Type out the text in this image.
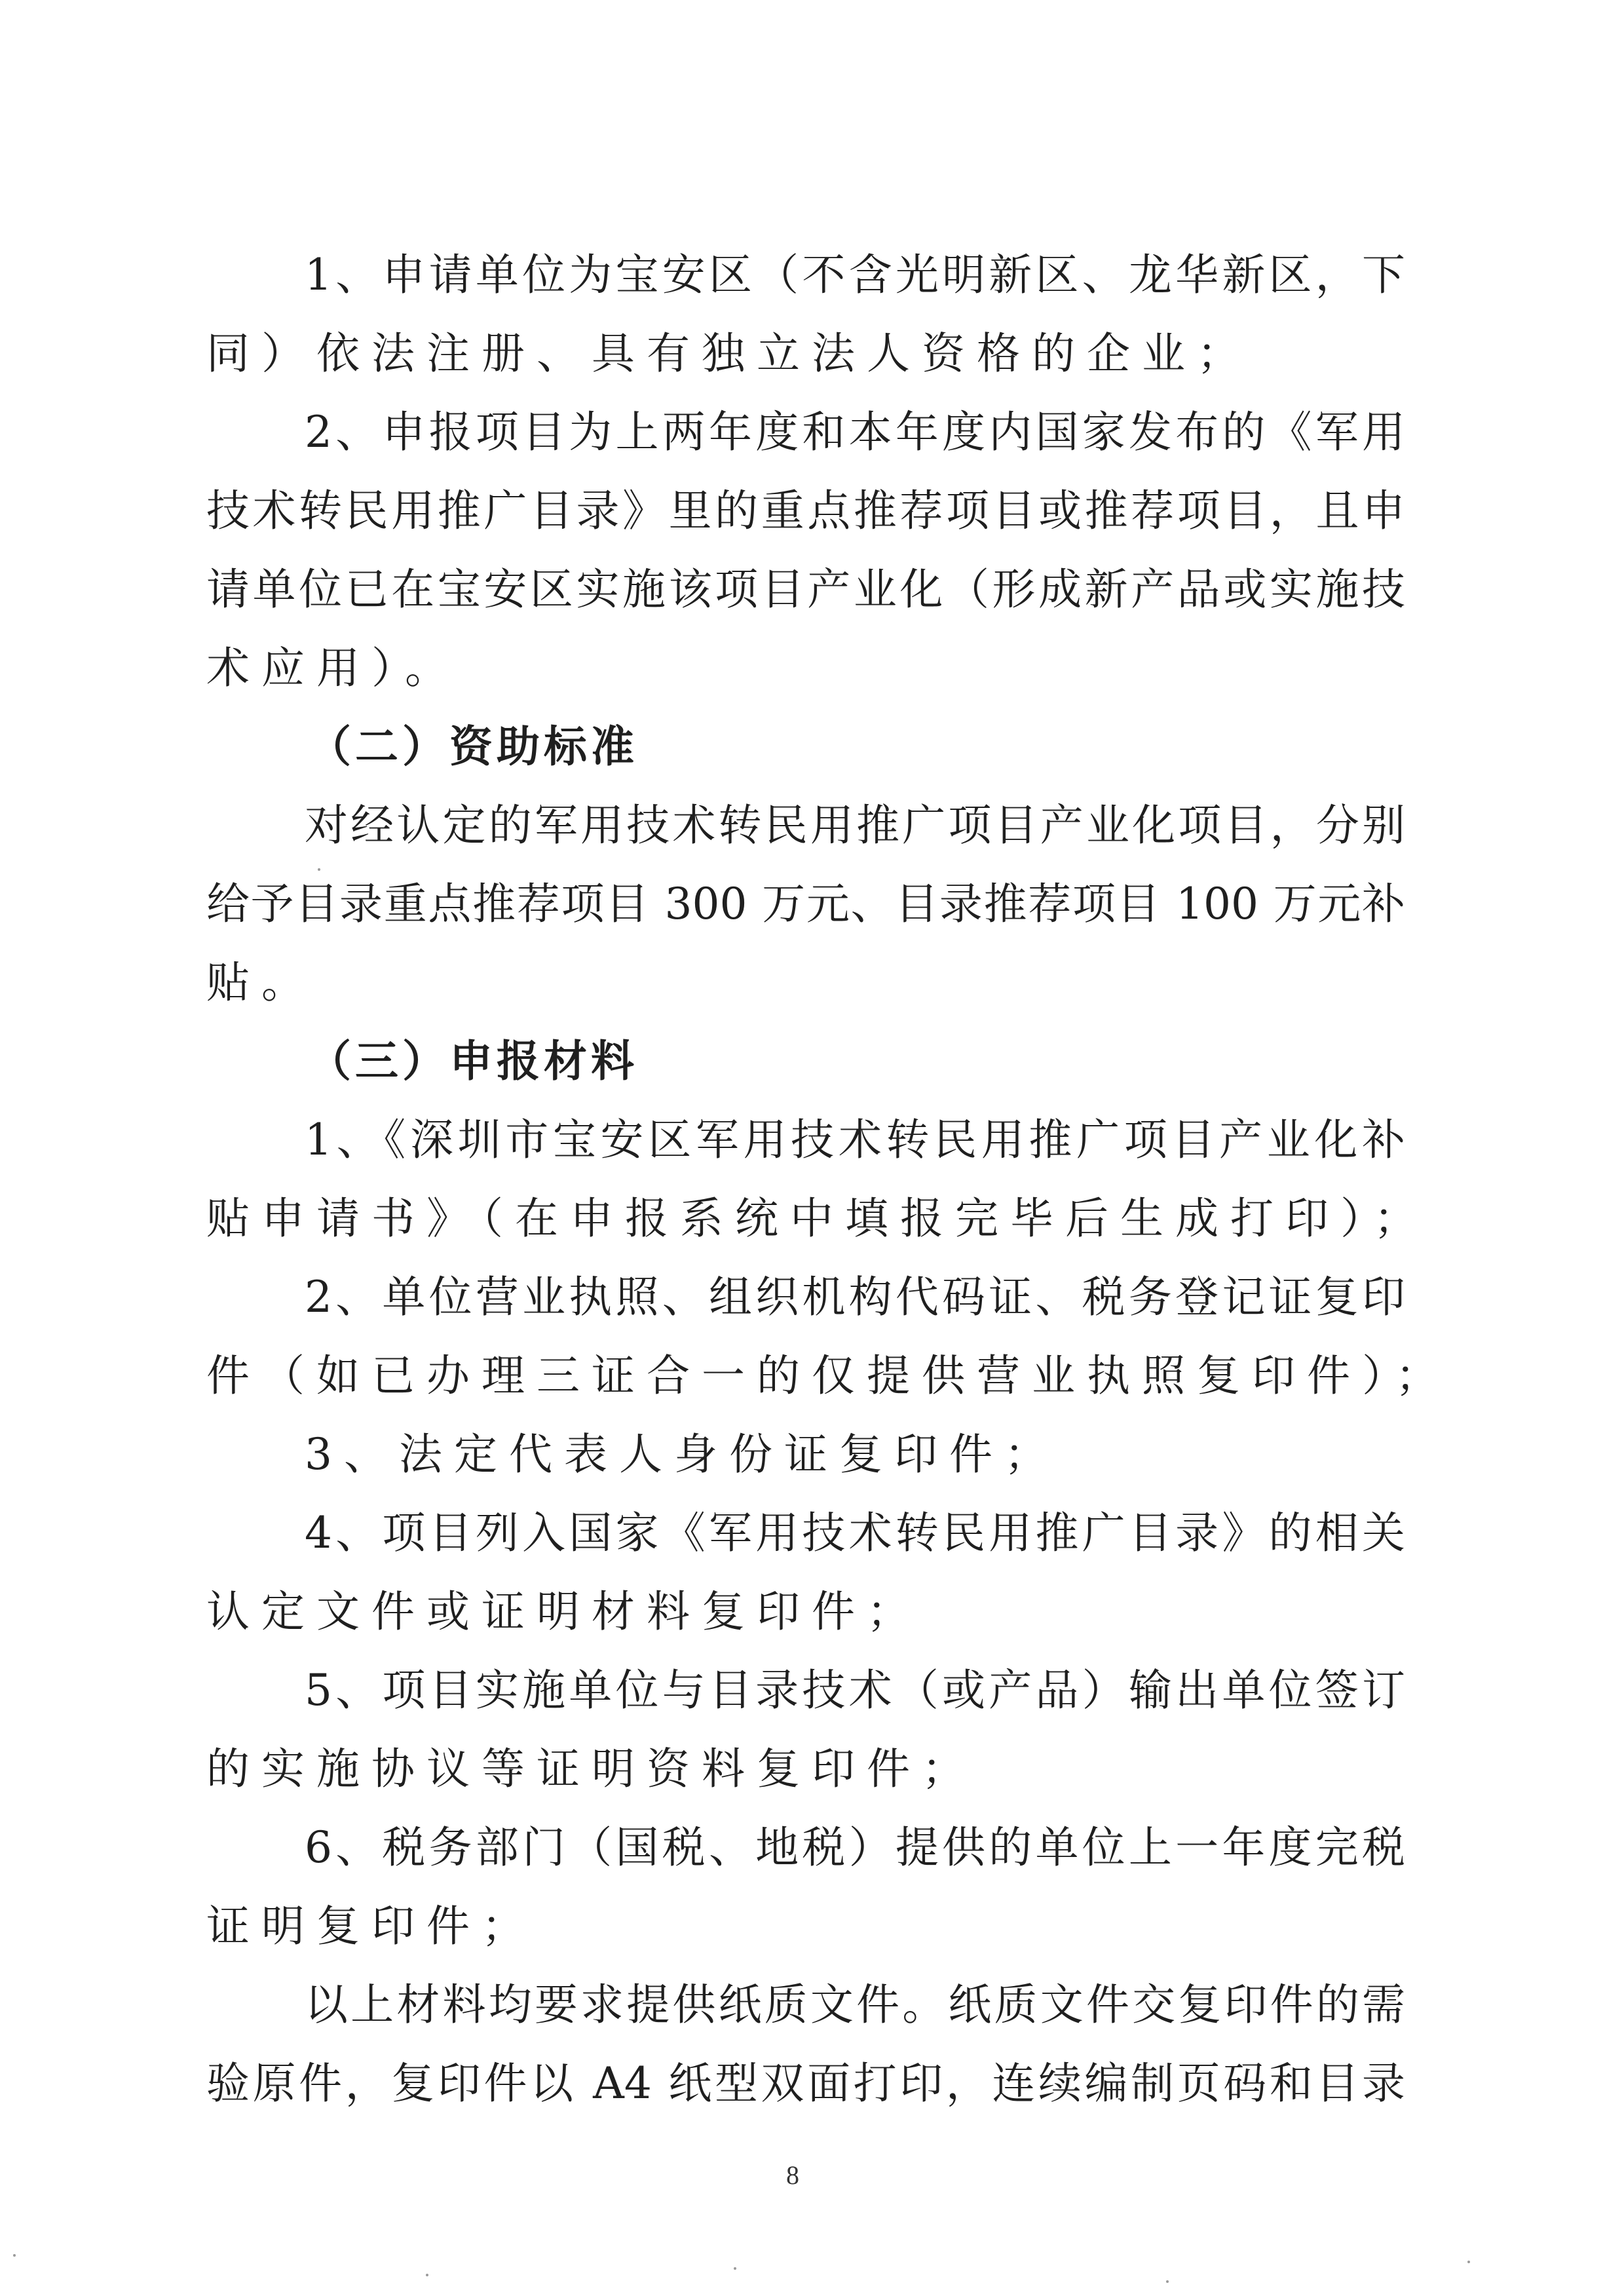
1、申请单位为宝安区（不含光明新区、龙华新区，下
同）依法注册、具有独立法人资格的企业；
2、申报项目为上两年度和本年度内国家发布的《军用
技术转民用推广目录》里的重点推荐项目或推荐项目，且申
请单位已在宝安区实施该项目产业化（形成新产品或实施技
术应用）。
（二）资助标准
对经认定的军用技术转民用推广项目产业化项目，分别
给予目录重点推荐项目 300 万元、目录推荐项目 100 万元补
贴。
（三）申报材料
1、《深圳市宝安区军用技术转民用推广项目产业化补
贴申请书》（在申报系统中填报完毕后生成打印）；
2、单位营业执照、组织机构代码证、税务登记证复印
件（如已办理三证合一的仅提供营业执照复印件）；
3、法定代表人身份证复印件；
4、项目列入国家《军用技术转民用推广目录》的相关
认定文件或证明材料复印件；
5、项目实施单位与目录技术（或产品）输出单位签订
的实施协议等证明资料复印件；
6、税务部门（国税、地税）提供的单位上一年度完税
证明复印件；
以上材料均要求提供纸质文件。纸质文件交复印件的需
验原件，复印件以 A4 纸型双面打印，连续编制页码和目录
8
